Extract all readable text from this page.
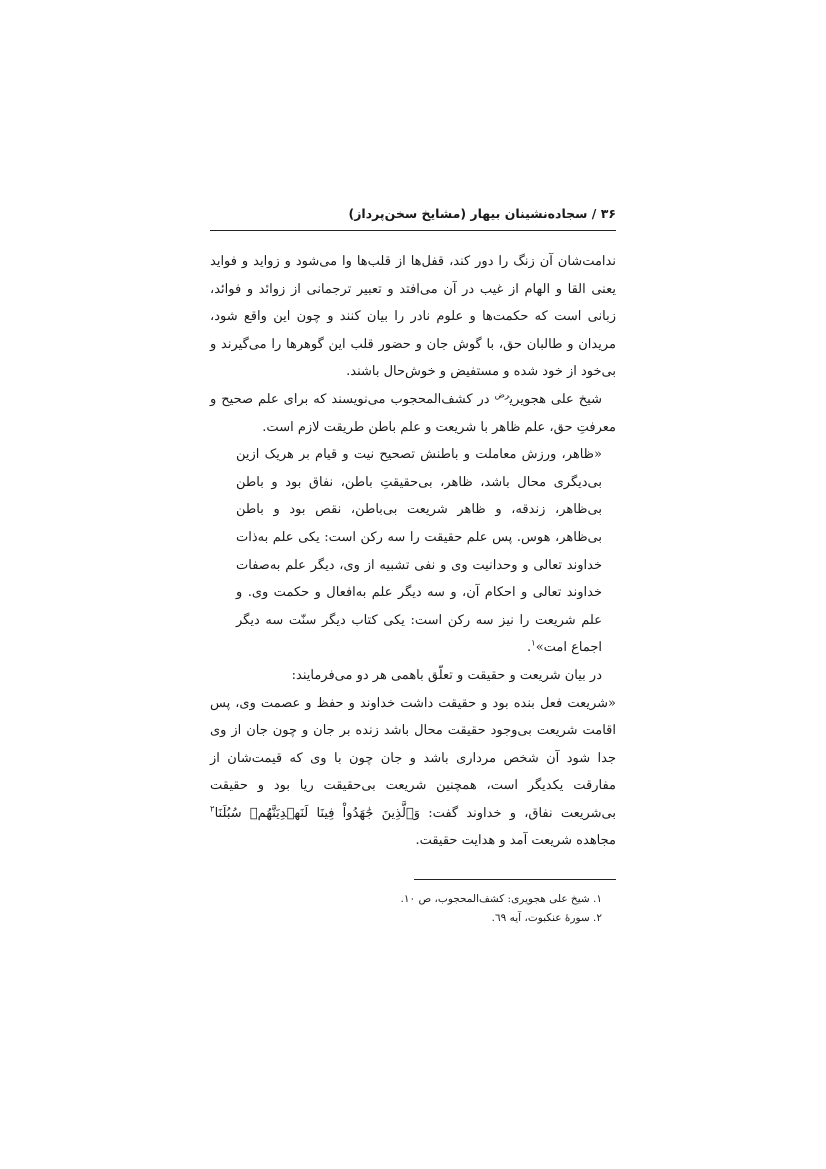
۳۶ / سجاده‌نشینان بیهار (مشایخ سخن‌پرداز)

ندامت‌شان آن زنگ را دور کند، قفل‌ها از قلب‌ها وا می‌شود و زواید و فواید یعنی القا و الهام از غیب در آن می‌افتد و تعبیر ترجمانی از زوائد و فوائد، زبانی است که حکمت‌ها و علوم نادر را بیان کنند و چون این واقع شود، مریدان و طالبان حق، با گوش جان و حضور قلب این گوهرها را می‌گیرند و بی‌خود از خود شده و مستفیض و خوش‌حال باشند.

شیخ علی هجویری$^{رض}$ در کشف‌المحجوب می‌نویسند که برای علم صحیح و معرفتِ حق، علم ظاهر با شریعت و علم باطن طریقت لازم است.

«ظاهر، ورزش معاملت و باطنش تصحیح نیت و قیام بر هریک ازین بی‌دیگری محال باشد، ظاهر، بی‌حقیقتِ باطن، نفاق بود و باطن بی‌ظاهر، زندقه، و ظاهر شریعت بی‌باطن، نقص بود و باطن بی‌ظاهر، هوس. پس علم حقیقت را سه رکن است: یکی علم به‌ذات خداوند تعالی و وحدانیت وی و نفی تشبیه از وی، دیگر علم به‌صفات خداوند تعالی و احکام آن، و سه دیگر علم به‌افعال و حکمت وی. و علم شریعت را نیز سه رکن است: یکی کتاب دیگر سنّت سه دیگر اجماع امت»$^۱$.

در بیان شریعت و حقیقت و تعلّق باهمی هر دو می‌فرمایند:

«شریعت فعل بنده بود و حقیقت داشت خداوند و حفظ و عصمت وی، پس اقامت شریعت بی‌وجود حقیقت محال باشد زنده بر جان و چون جان از وی جدا شود آن شخص مرداری باشد و جان چون با وی که قیمت‌شان از مفارقت یکدیگر است، همچنین شریعت بی‌حقیقت ریا بود و حقیقت بی‌شریعت نفاق، و خداوند گفت: وَٱلَّذِينَ جَٰهَدُواْ فِينَا لَنَهۡدِيَنَّهُمۡ سُبُلَنَا$^۲$ مجاهده شریعت آمد و هدایت حقیقت.

۱. شیخ علی هجویری: کشف‌المحجوب، ص ۱۰.
۲. سورهٔ عنکبوت، آیه ٦٩.
